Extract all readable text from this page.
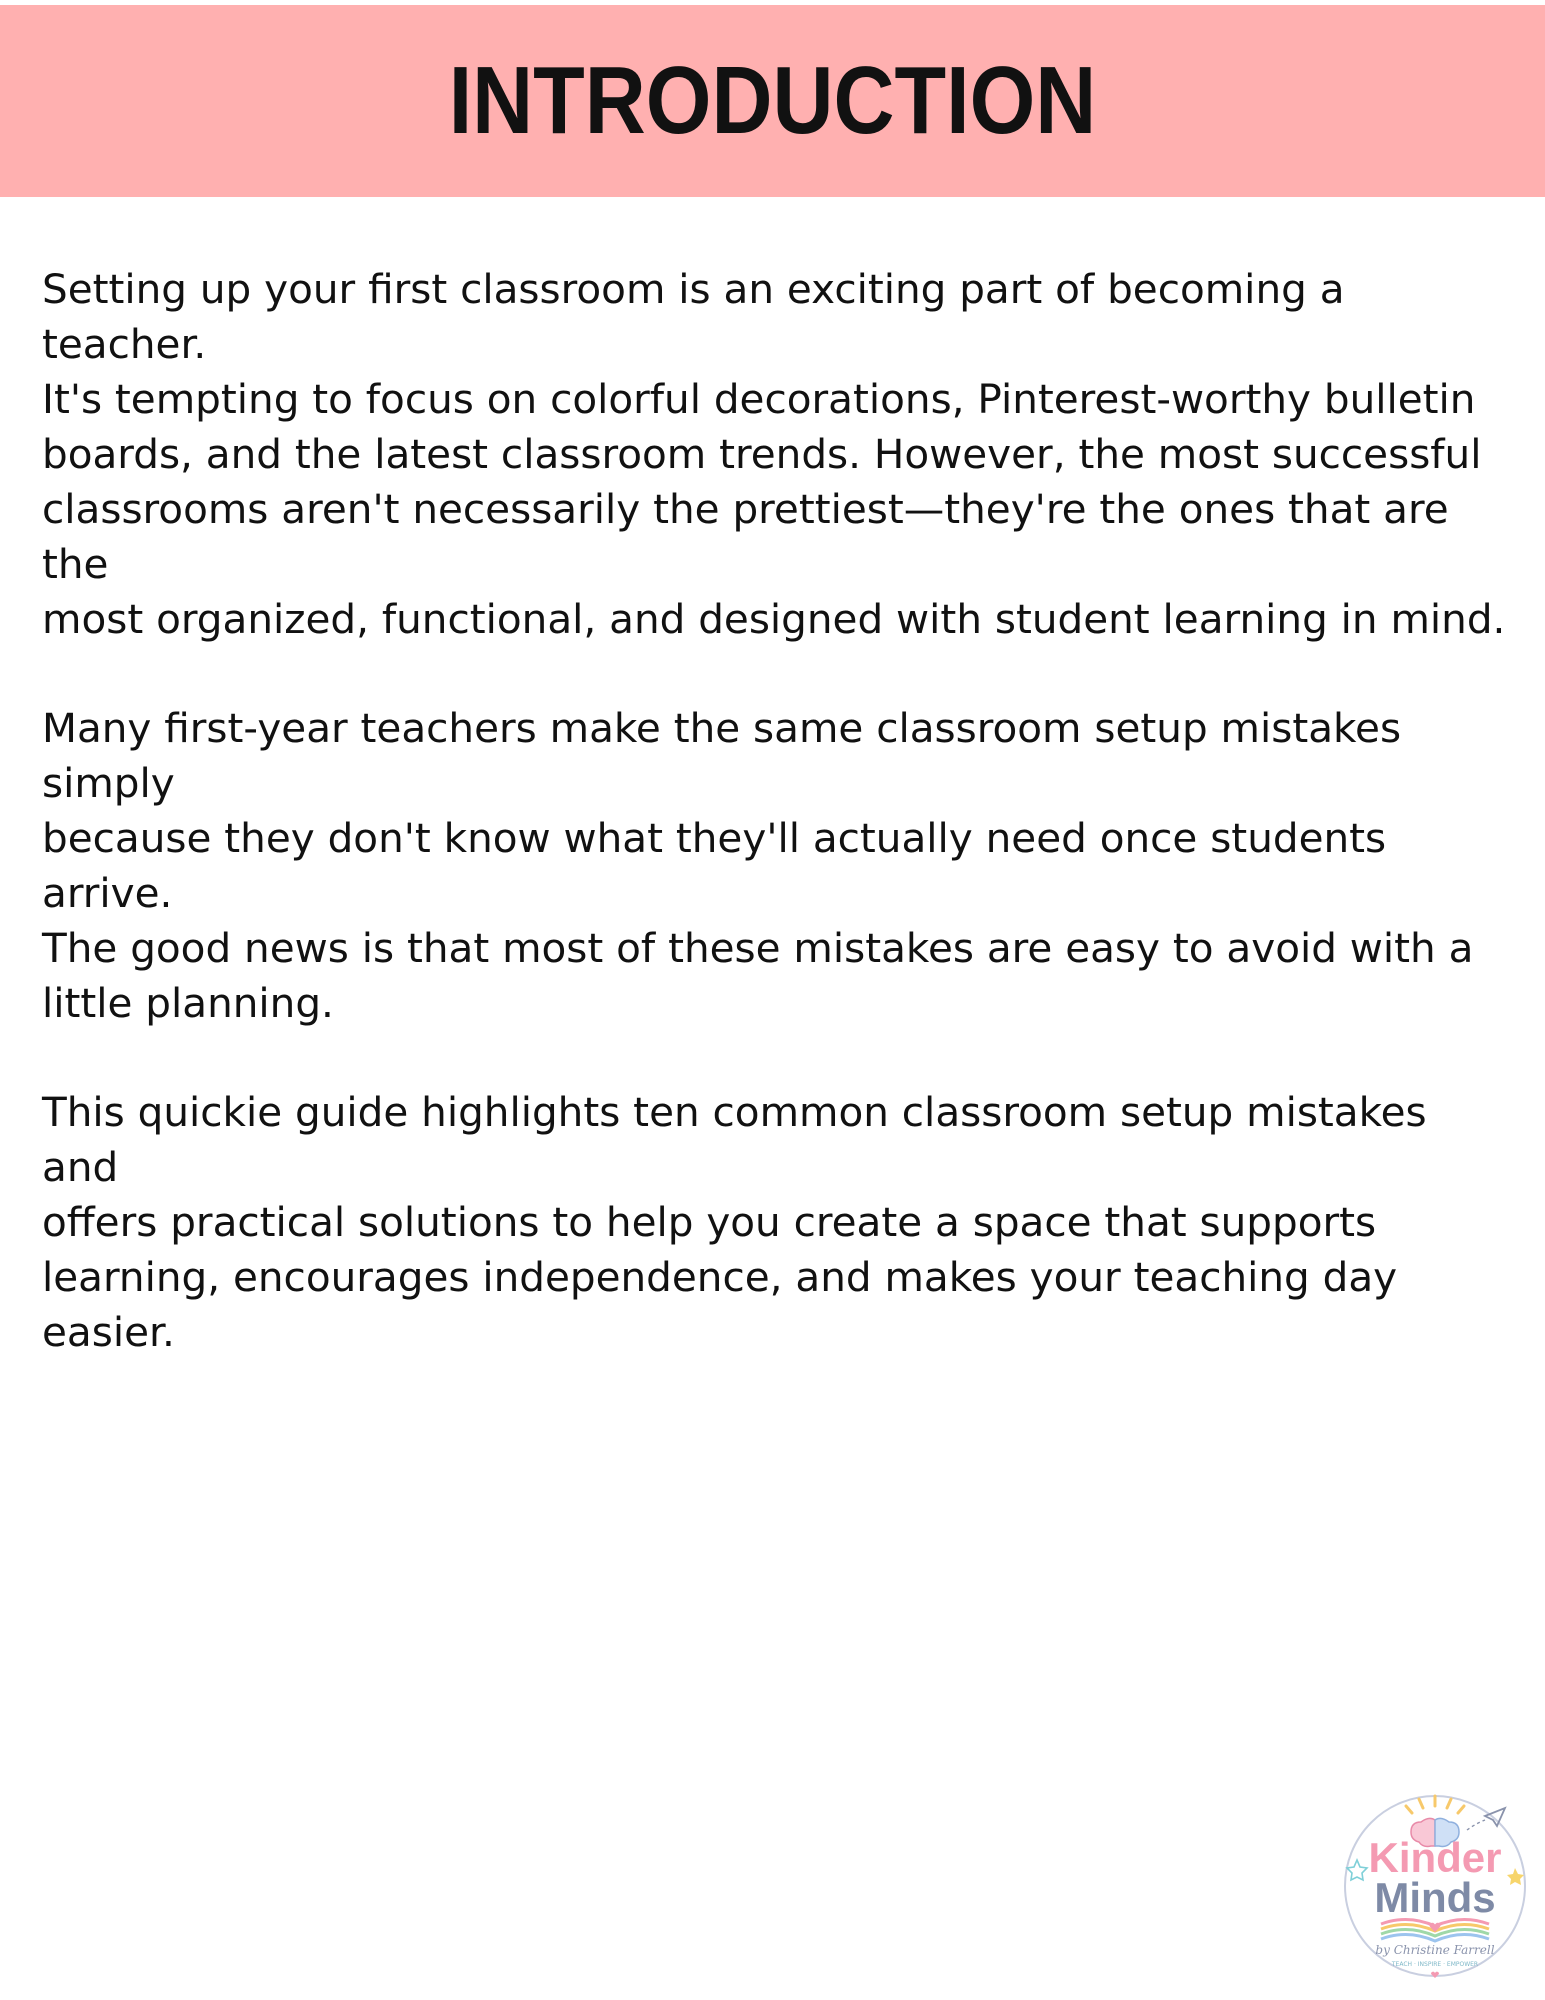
INTRODUCTION

Setting up your first classroom is an exciting part of becoming a teacher.
It's tempting to focus on colorful decorations, Pinterest-worthy bulletin
boards, and the latest classroom trends. However, the most successful
classrooms aren't necessarily the prettiest—they're the ones that are the
most organized, functional, and designed with student learning in mind.

Many first-year teachers make the same classroom setup mistakes simply
because they don't know what they'll actually need once students arrive.
The good news is that most of these mistakes are easy to avoid with a
little planning.

This quickie guide highlights ten common classroom setup mistakes and
offers practical solutions to help you create a space that supports
learning, encourages independence, and makes your teaching day easier.

Kinder
Minds
by Christine Farrell
TEACH · INSPIRE · EMPOWER
